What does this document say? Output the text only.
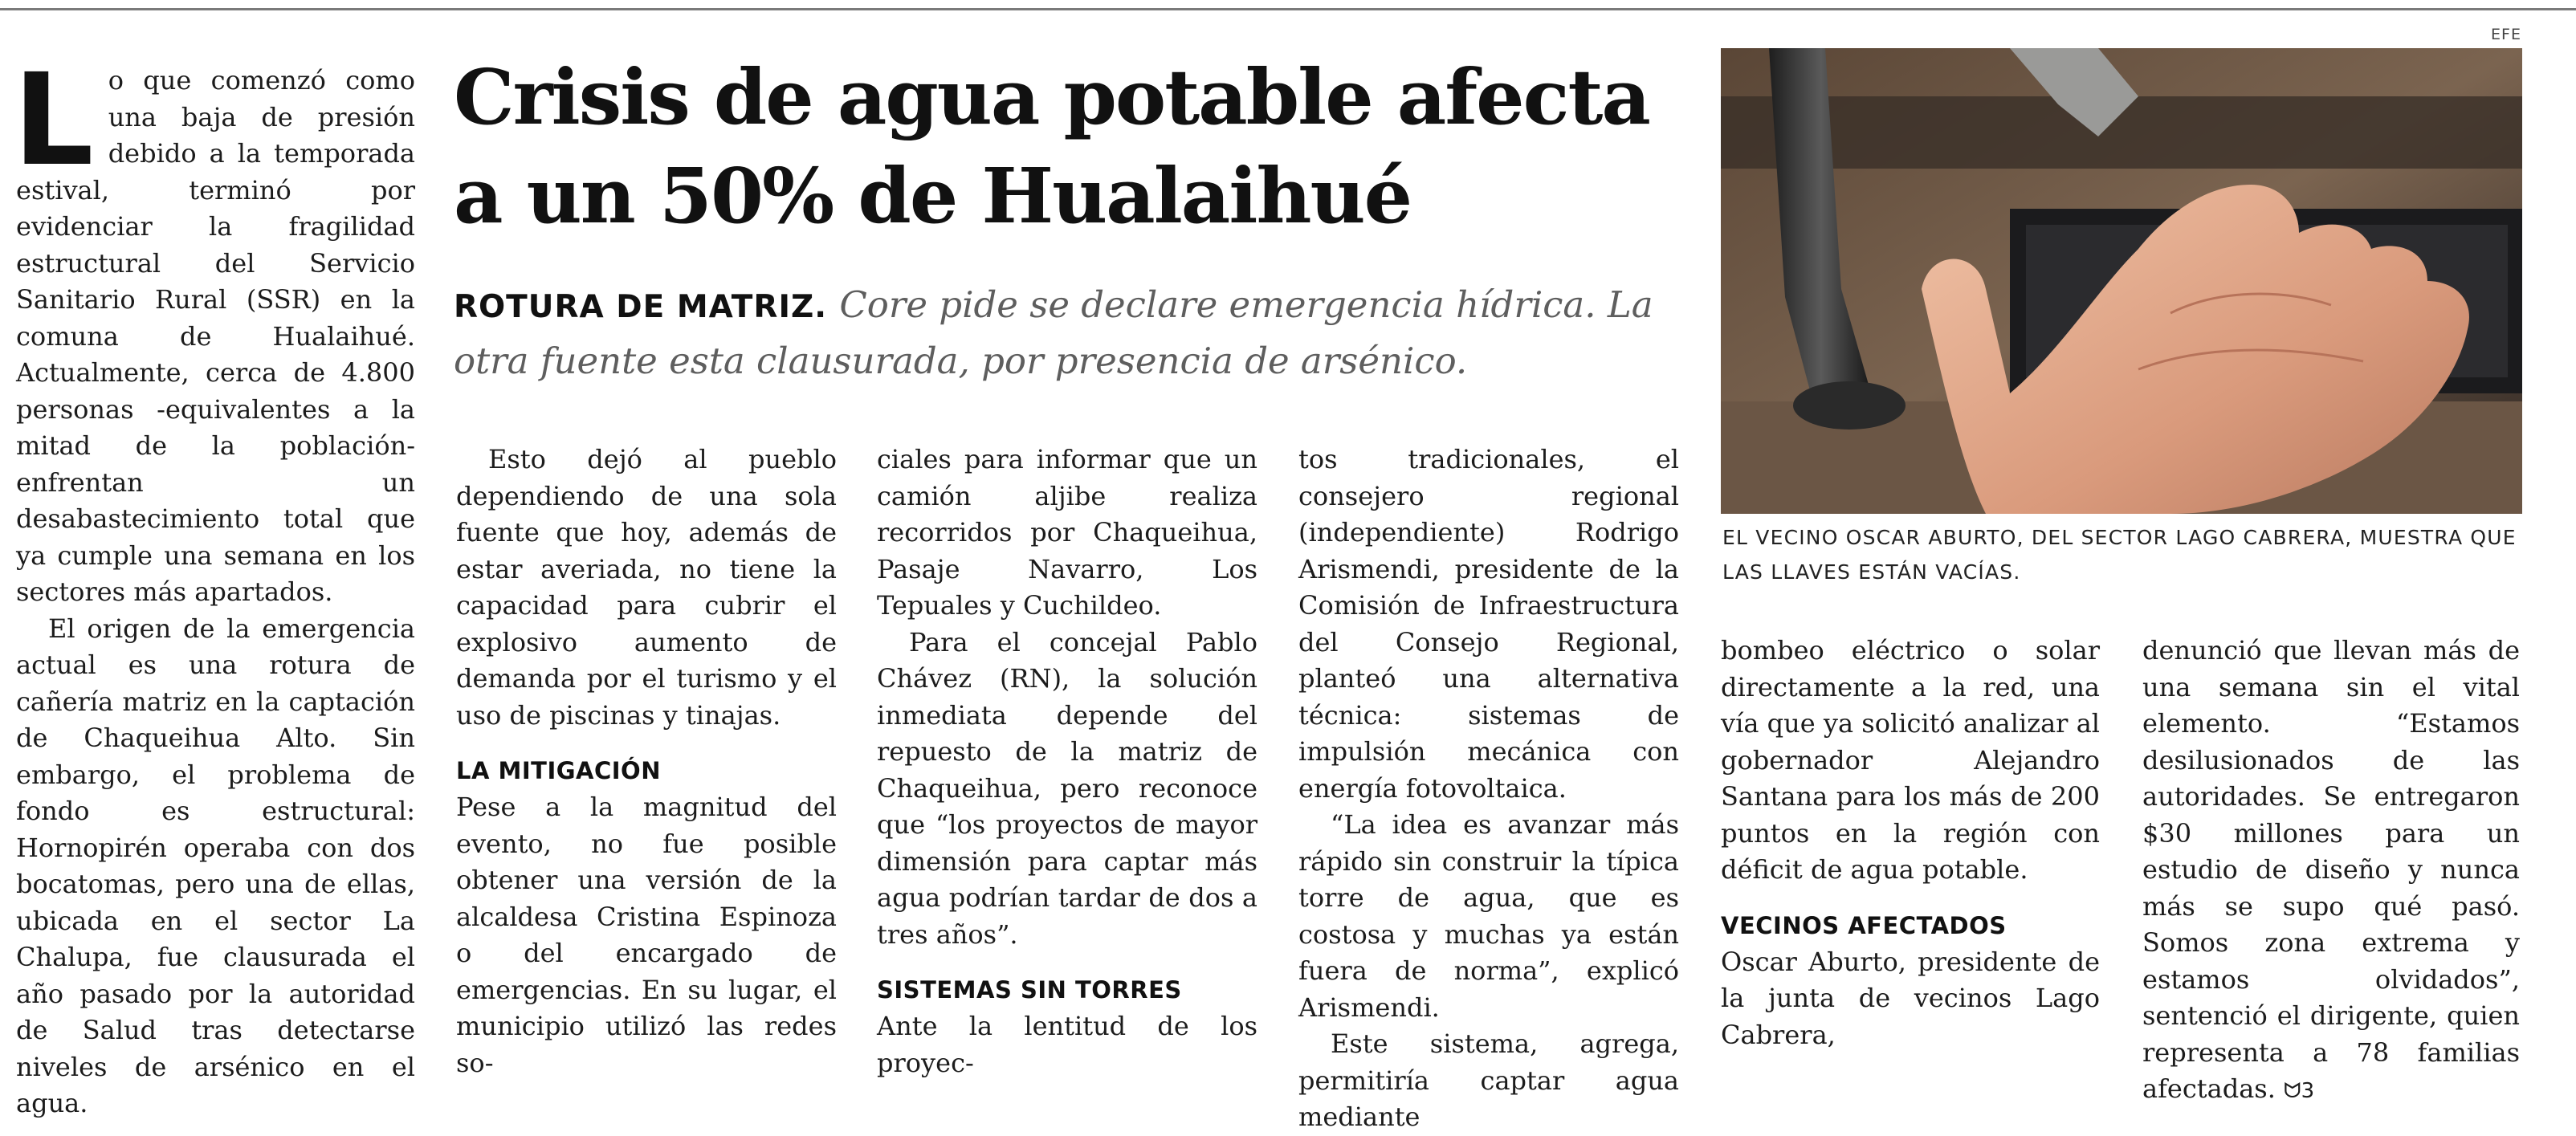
Lo que comenzó como una baja de presión debido a la temporada estival, terminó por evidenciar la fragilidad estructural del Servicio Sanitario Rural (SSR) en la comuna de Hualaihué. Actualmente, cerca de 4.800 personas -equivalentes a la mitad de la población- enfrentan un desabastecimiento total que ya cumple una semana en los sectores más apartados.

El origen de la emergencia actual es una rotura de cañería matriz en la captación de Chaqueihua Alto. Sin embargo, el problema de fondo es estructural: Hornopirén operaba con dos bocatomas, pero una de ellas, ubicada en el sector La Chalupa, fue clausurada el año pasado por la autoridad de Salud tras detectarse niveles de arsénico en el agua.

Crisis de agua potable afecta a un 50% de Hualaihué
ROTURA DE MATRIZ. Core pide se declare emergencia hídrica. La otra fuente esta clausurada, por presencia de arsénico.

Esto dejó al pueblo dependiendo de una sola fuente que hoy, además de estar averiada, no tiene la capacidad para cubrir el explosivo aumento de demanda por el turismo y el uso de piscinas y tinajas.

LA MITIGACIÓN

Pese a la magnitud del evento, no fue posible obtener una versión de la alcaldesa Cristina Espinoza o del encargado de emergencias. En su lugar, el municipio utilizó las redes so-

ciales para informar que un camión aljibe realiza recorridos por Chaqueihua, Pasaje Navarro, Los Tepuales y Cuchildeo.

Para el concejal Pablo Chávez (RN), la solución inmediata depende del repuesto de la matriz de Chaqueihua, pero reconoce que “los proyectos de mayor dimensión para captar más agua podrían tardar de dos a tres años”.

SISTEMAS SIN TORRES

Ante la lentitud de los proyec-

tos tradicionales, el consejero regional (independiente) Rodrigo Arismendi, presidente de la Comisión de Infraestructura del Consejo Regional, planteó una alternativa técnica: sistemas de impulsión mecánica con energía fotovoltaica.

“La idea es avanzar más rápido sin construir la típica torre de agua, que es costosa y muchas ya están fuera de norma”, explicó Arismendi.

Este sistema, agrega, permitiría captar agua mediante

EFE
EL VECINO OSCAR ABURTO, DEL SECTOR LAGO CABRERA, MUESTRA QUE LAS LLAVES ESTÁN VACÍAS.

bombeo eléctrico o solar directamente a la red, una vía que ya solicitó analizar al gobernador Alejandro Santana para los más de 200 puntos en la región con déficit de agua potable.

VECINOS AFECTADOS

Oscar Aburto, presidente de la junta de vecinos Lago Cabrera,

denunció que llevan más de una semana sin el vital elemento. “Estamos desilusionados de las autoridades. Se entregaron $30 millones para un estudio de diseño y nunca más se supo qué pasó. Somos zona extrema y estamos olvidados”, sentenció el dirigente, quien representa a 78 familias afectadas. ᗢ3
